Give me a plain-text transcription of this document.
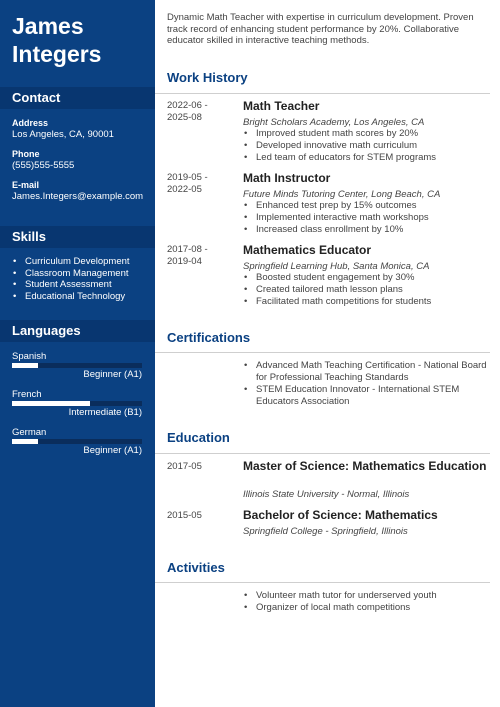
James
Integers
Contact
Address
Los Angeles, CA, 90001
Phone
(555)555-5555
E-mail
James.Integers@example.com
Skills
• Curriculum Development
• Classroom Management
• Student Assessment
• Educational Technology
Languages
Spanish
Beginner (A1)
French
Intermediate (B1)
German
Beginner (A1)
Dynamic Math Teacher with expertise in curriculum development. Proven track record of enhancing student performance by 20%. Collaborative educator skilled in interactive teaching methods.
Work History
2022-06 -
2025-08
Math Teacher
Bright Scholars Academy, Los Angeles, CA
• Improved student math scores by 20%
• Developed innovative math curriculum
• Led team of educators for STEM programs
2019-05 -
2022-05
Math Instructor
Future Minds Tutoring Center, Long Beach, CA
• Enhanced test prep by 15% outcomes
• Implemented interactive math workshops
• Increased class enrollment by 10%
2017-08 -
2019-04
Mathematics Educator
Springfield Learning Hub, Santa Monica, CA
• Boosted student engagement by 30%
• Created tailored math lesson plans
• Facilitated math competitions for students
Certifications
• Advanced Math Teaching Certification - National Board for Professional Teaching Standards
• STEM Education Innovator - International STEM Educators Association
Education
2017-05	Master of Science: Mathematics Education
Illinois State University - Normal, Illinois
2015-05	Bachelor of Science: Mathematics
Springfield College - Springfield, Illinois
Activities
• Volunteer math tutor for underserved youth
• Organizer of local math competitions
